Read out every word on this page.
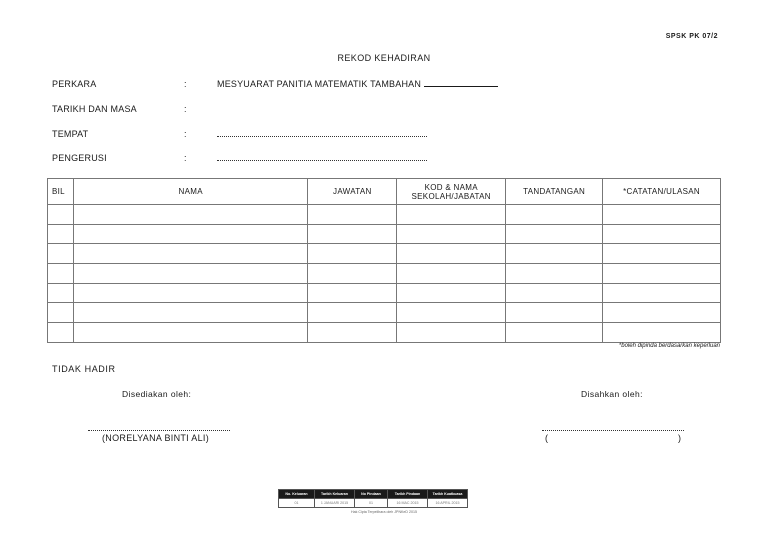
SPSK PK 07/2
REKOD KEHADIRAN
PERKARA	:	MESYUARAT PANITIA MATEMATIK TAMBAHAN
TARIKH DAN MASA	:
TEMPAT	:
PENGERUSI	:
BIL	NAMA	JAWATAN	KOD & NAMA SEKOLAH/JABATAN	TANDATANGAN	*CATATAN/ULASAN

*boleh dipinda berdasarkan keperluan
TIDAK HADIR
Disediakan oleh:
(NORELYANA BINTI ALI)
Disahkan oleh:
(	)
No. Keluaran	Tarikh Keluaran	No Pindaan	Tarikh Pindaan	Tarikh Kuatkuasa
01	1 JANUARI 2015	01	16 MAC 2015	16 APRIL 2015
Hak Cipta Terpelihara oleh JPNKeD 2015
